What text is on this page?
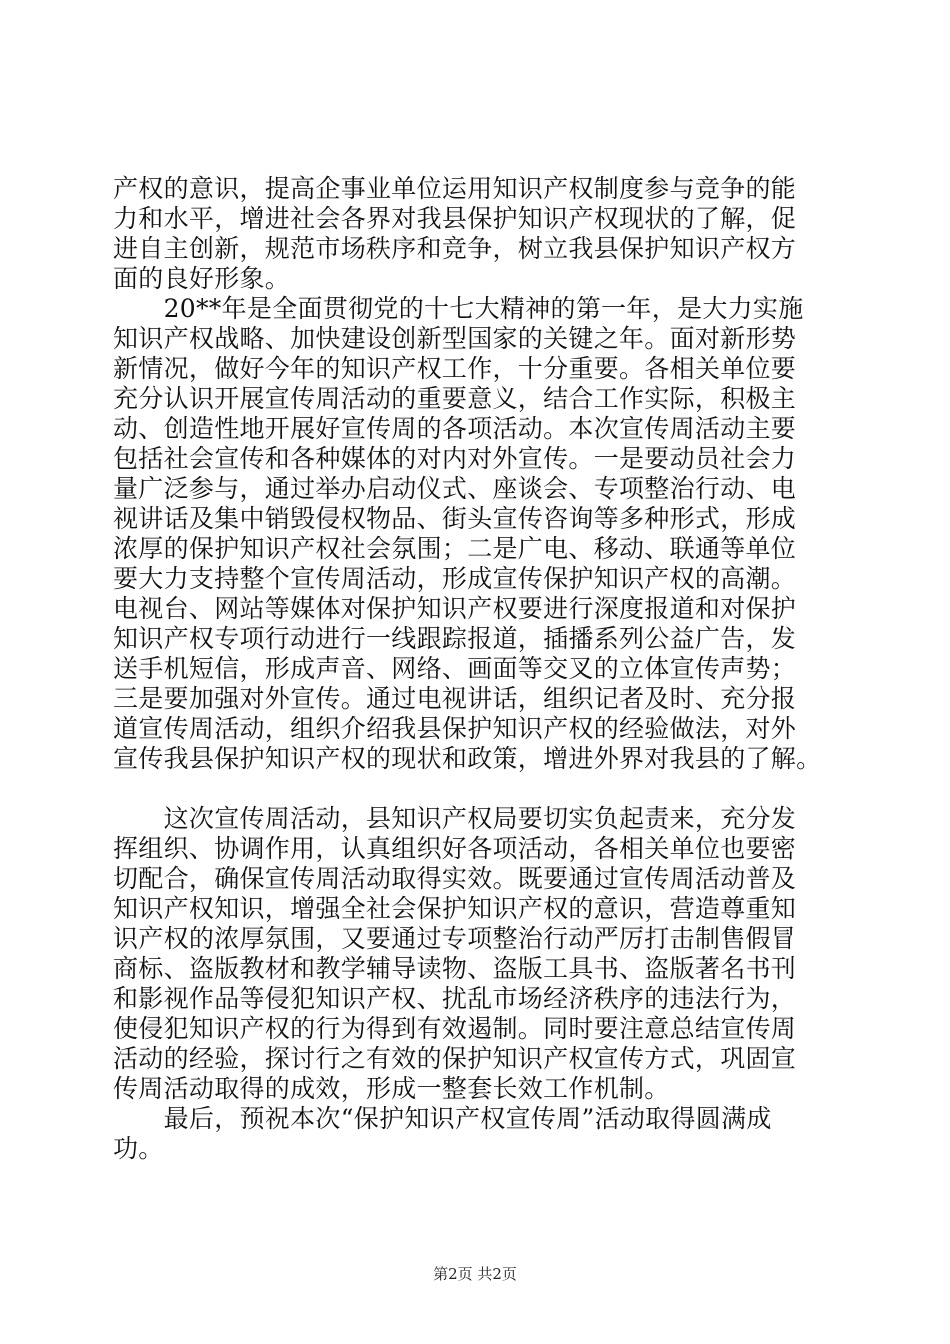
产权的意识，提高企事业单位运用知识产权制度参与竞争的能
力和水平，增进社会各界对我县保护知识产权现状的了解，促
进自主创新，规范市场秩序和竞争，树立我县保护知识产权方
面的良好形象。
　　20**年是全面贯彻党的十七大精神的第一年，是大力实施
知识产权战略、加快建设创新型国家的关键之年。面对新形势
新情况，做好今年的知识产权工作，十分重要。各相关单位要
充分认识开展宣传周活动的重要意义，结合工作实际，积极主
动、创造性地开展好宣传周的各项活动。本次宣传周活动主要
包括社会宣传和各种媒体的对内对外宣传。一是要动员社会力
量广泛参与，通过举办启动仪式、座谈会、专项整治行动、电
视讲话及集中销毁侵权物品、街头宣传咨询等多种形式，形成
浓厚的保护知识产权社会氛围；二是广电、移动、联通等单位
要大力支持整个宣传周活动，形成宣传保护知识产权的高潮。
电视台、网站等媒体对保护知识产权要进行深度报道和对保护
知识产权专项行动进行一线跟踪报道，插播系列公益广告，发
送手机短信，形成声音、网络、画面等交叉的立体宣传声势；
三是要加强对外宣传。通过电视讲话，组织记者及时、充分报
道宣传周活动，组织介绍我县保护知识产权的经验做法，对外
宣传我县保护知识产权的现状和政策，增进外界对我县的了解。
　　这次宣传周活动，县知识产权局要切实负起责来，充分发
挥组织、协调作用，认真组织好各项活动，各相关单位也要密
切配合，确保宣传周活动取得实效。既要通过宣传周活动普及
知识产权知识，增强全社会保护知识产权的意识，营造尊重知
识产权的浓厚氛围，又要通过专项整治行动严厉打击制售假冒
商标、盗版教材和教学辅导读物、盗版工具书、盗版著名书刊
和影视作品等侵犯知识产权、扰乱市场经济秩序的违法行为，
使侵犯知识产权的行为得到有效遏制。同时要注意总结宣传周
活动的经验，探讨行之有效的保护知识产权宣传方式，巩固宣
传周活动取得的成效，形成一整套长效工作机制。
　　最后，预祝本次“保护知识产权宣传周”活动取得圆满成
功。
第2页 共2页
